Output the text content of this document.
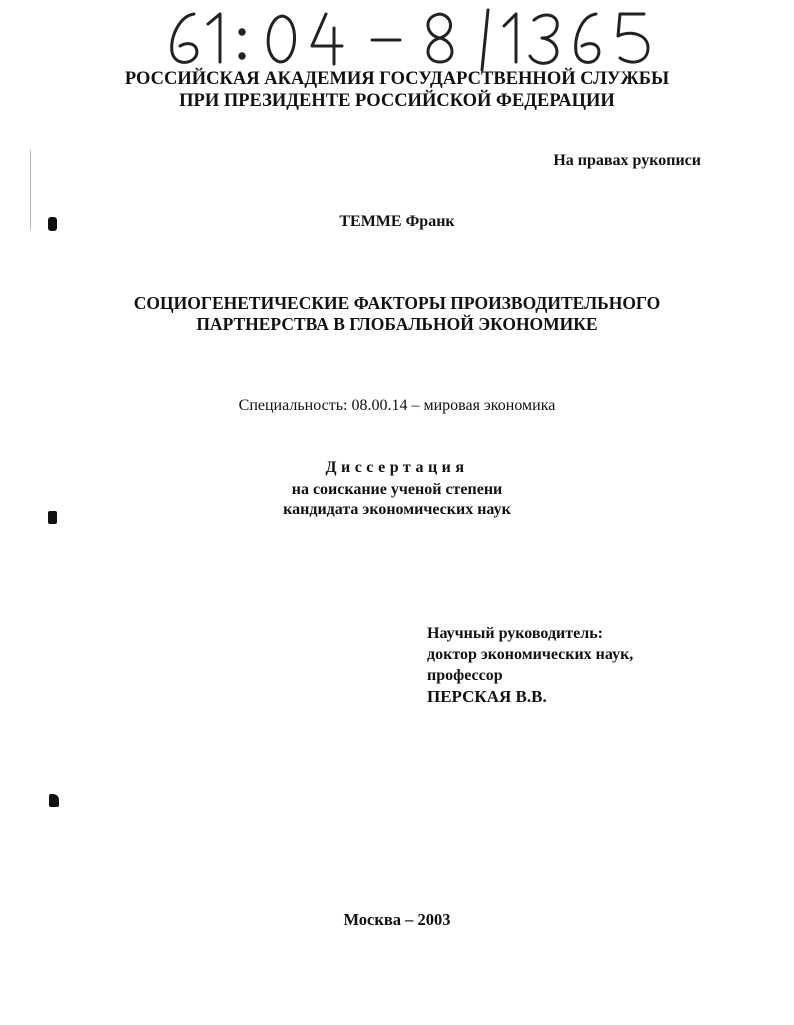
РОССИЙСКАЯ АКАДЕМИЯ ГОСУДАРСТВЕННОЙ СЛУЖБЫ
ПРИ ПРЕЗИДЕНТЕ РОССИЙСКОЙ ФЕДЕРАЦИИ
На правах рукописи
ТЕММЕ Франк
СОЦИОГЕНЕТИЧЕСКИЕ ФАКТОРЫ ПРОИЗВОДИТЕЛЬНОГО
ПАРТНЕРСТВА В ГЛОБАЛЬНОЙ ЭКОНОМИКЕ
Специальность: 08.00.14 – мировая экономика
Диссертация
на соискание ученой степени
кандидата экономических наук
Научный руководитель:
доктор экономических наук,
профессор
ПЕРСКАЯ В.В.
Москва – 2003
